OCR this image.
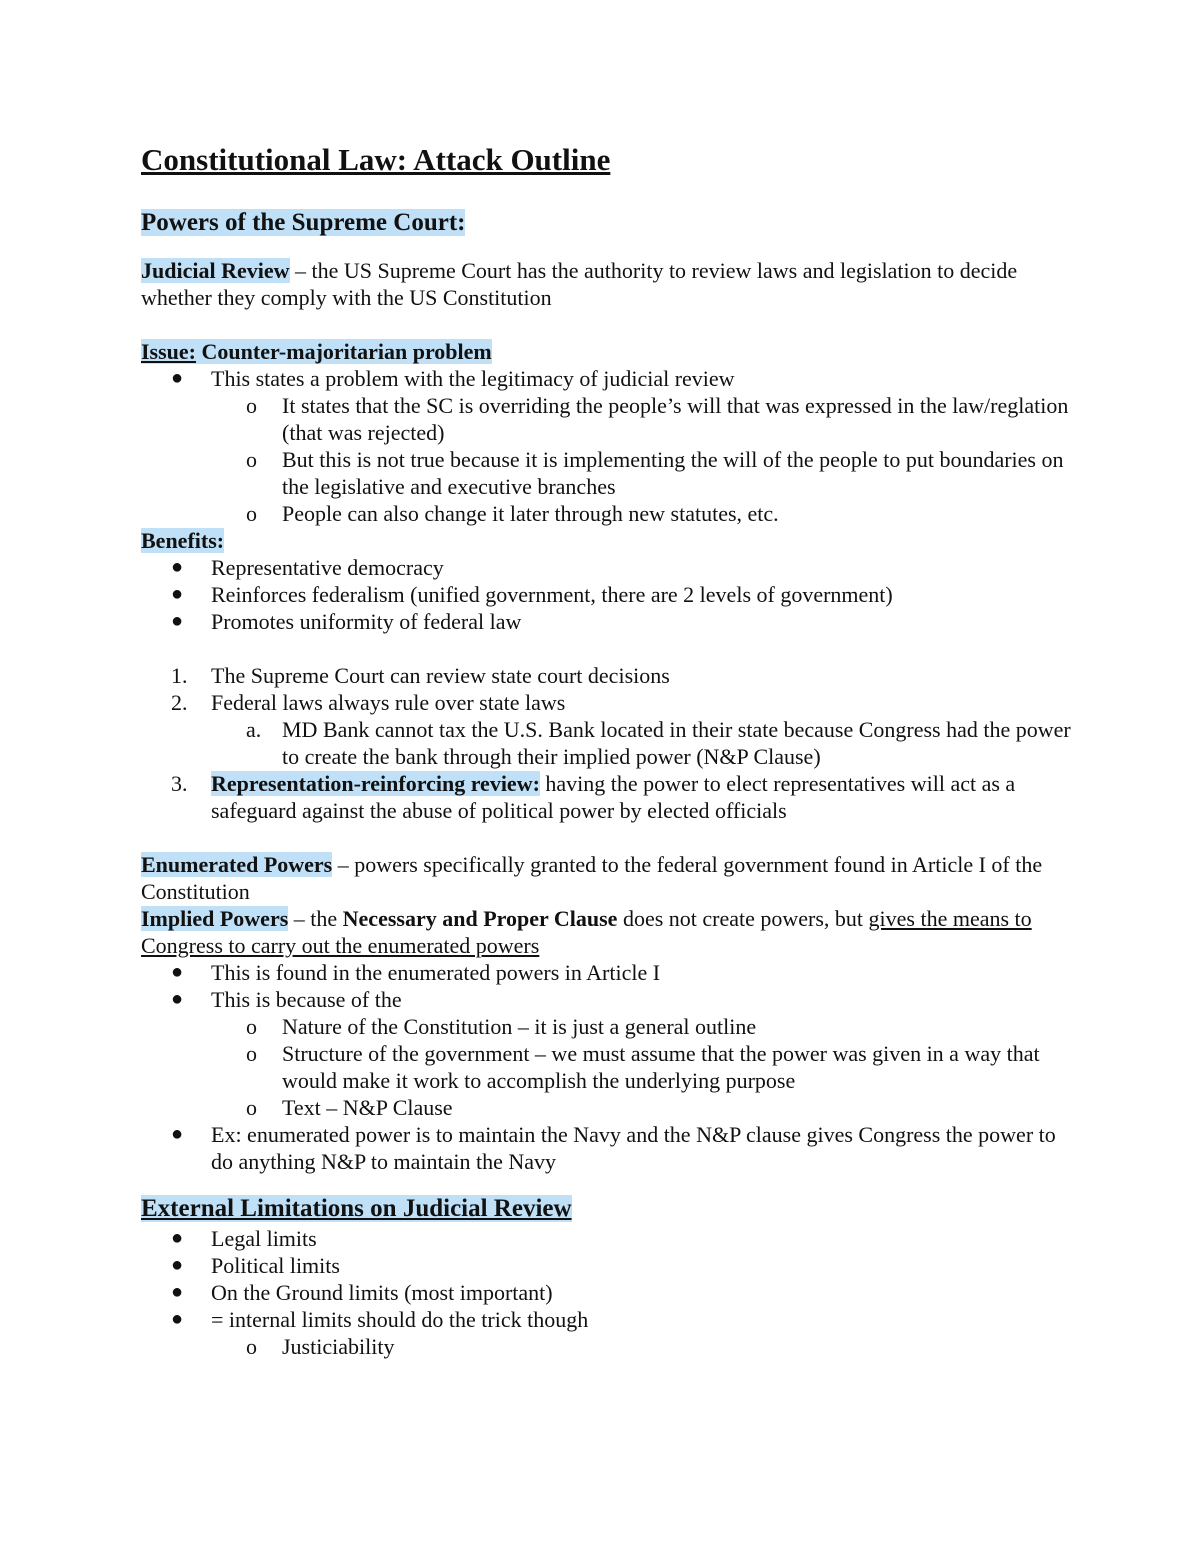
Constitutional Law: Attack Outline
Powers of the Supreme Court:

Judicial Review – the US Supreme Court has the authority to review laws and legislation to decide whether they comply with the US Constitution

Issue: Counter-majoritarian problem

● This states a problem with the legitimacy of judicial review
o It states that the SC is overriding the people’s will that was expressed in the law/reglation (that was rejected)
o But this is not true because it is implementing the will of the people to put boundaries on the legislative and executive branches
o People can also change it later through new statutes, etc.

Benefits:

● Representative democracy
● Reinforces federalism (unified government, there are 2 levels of government)
● Promotes uniformity of federal law
1. The Supreme Court can review state court decisions
2. Federal laws always rule over state laws
a. MD Bank cannot tax the U.S. Bank located in their state because Congress had the power to create the bank through their implied power (N&P Clause)
3. Representation-reinforcing review: having the power to elect representatives will act as a safeguard against the abuse of political power by elected officials

Enumerated Powers – powers specifically granted to the federal government found in Article I of the Constitution

Implied Powers – the Necessary and Proper Clause does not create powers, but gives the means to Congress to carry out the enumerated powers

● This is found in the enumerated powers in Article I
● This is because of the
o Nature of the Constitution – it is just a general outline
o Structure of the government – we must assume that the power was given in a way that would make it work to accomplish the underlying purpose
o Text – N&P Clause
● Ex: enumerated power is to maintain the Navy and the N&P clause gives Congress the power to do anything N&P to maintain the Navy
External Limitations on Judicial Review
● Legal limits
● Political limits
● On the Ground limits (most important)
● = internal limits should do the trick though
o Justiciability
